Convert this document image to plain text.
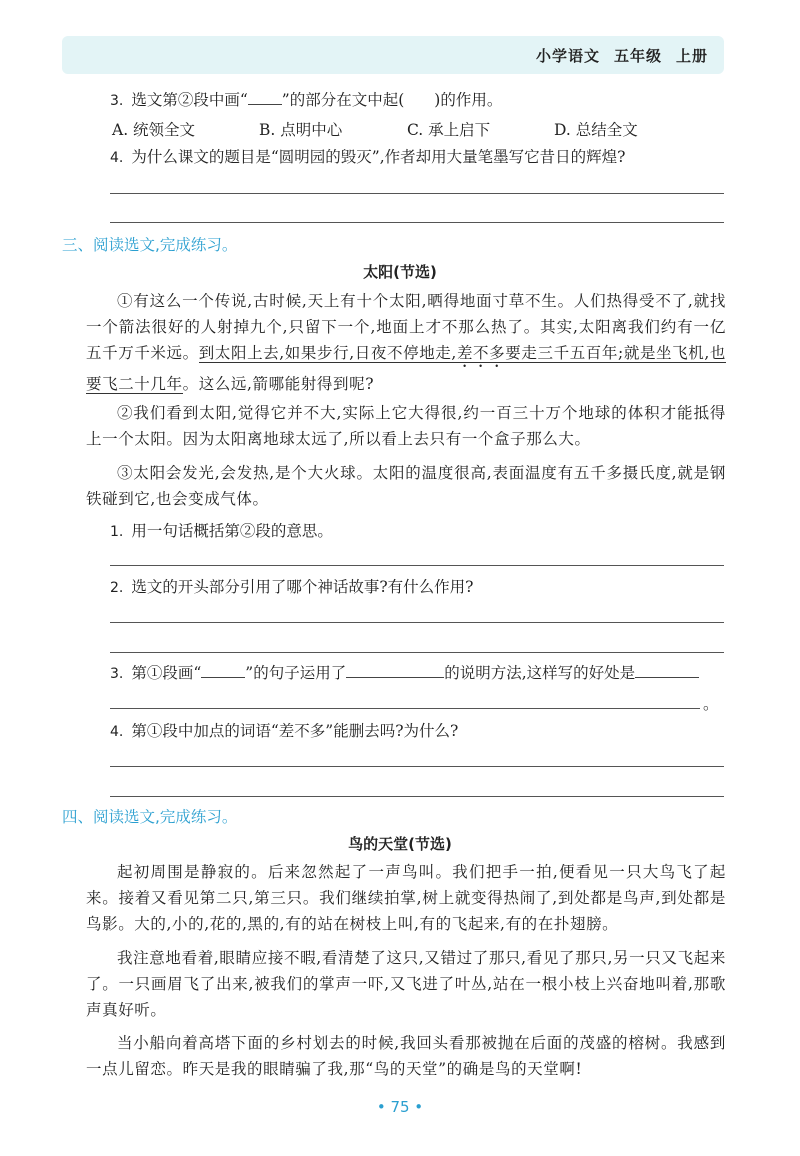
小学语文 五年级 上册
3. 选文第②段中画“ ”的部分在文中起( )的作用。
A. 统领全文	B. 点明中心	C. 承上启下	D. 总结全文
4. 为什么课文的题目是“圆明园的毁灭”,作者却用大量笔墨写它昔日的辉煌?
三、阅读选文,完成练习。
太阳(节选)
①有这么一个传说,古时候,天上有十个太阳,晒得地面寸草不生。人们热得受不了,就找一个箭法很好的人射掉九个,只留下一个,地面上才不那么热了。其实,太阳离我们约有一亿五千万千米远。到太阳上去,如果步行,日夜不停地走,差不多要走三千五百年;就是坐飞机,也要飞二十几年。这么远,箭哪能射得到呢?
②我们看到太阳,觉得它并不大,实际上它大得很,约一百三十万个地球的体积才能抵得上一个太阳。因为太阳离地球太远了,所以看上去只有一个盒子那么大。
③太阳会发光,会发热,是个大火球。太阳的温度很高,表面温度有五千多摄氏度,就是钢铁碰到它,也会变成气体。
1. 用一句话概括第②段的意思。
2. 选文的开头部分引用了哪个神话故事?有什么作用?
3. 第①段画“	”的句子运用了	的说明方法,这样写的好处是
。
4. 第①段中加点的词语“差不多”能删去吗?为什么?
四、阅读选文,完成练习。
鸟的天堂(节选)
起初周围是静寂的。后来忽然起了一声鸟叫。我们把手一拍,便看见一只大鸟飞了起来。接着又看见第二只,第三只。我们继续拍掌,树上就变得热闹了,到处都是鸟声,到处都是鸟影。大的,小的,花的,黑的,有的站在树枝上叫,有的飞起来,有的在扑翅膀。
我注意地看着,眼睛应接不暇,看清楚了这只,又错过了那只,看见了那只,另一只又飞起来了。一只画眉飞了出来,被我们的掌声一吓,又飞进了叶丛,站在一根小枝上兴奋地叫着,那歌声真好听。
当小船向着高塔下面的乡村划去的时候,我回头看那被抛在后面的茂盛的榕树。我感到一点儿留恋。昨天是我的眼睛骗了我,那“鸟的天堂”的确是鸟的天堂啊!
• 75 •
